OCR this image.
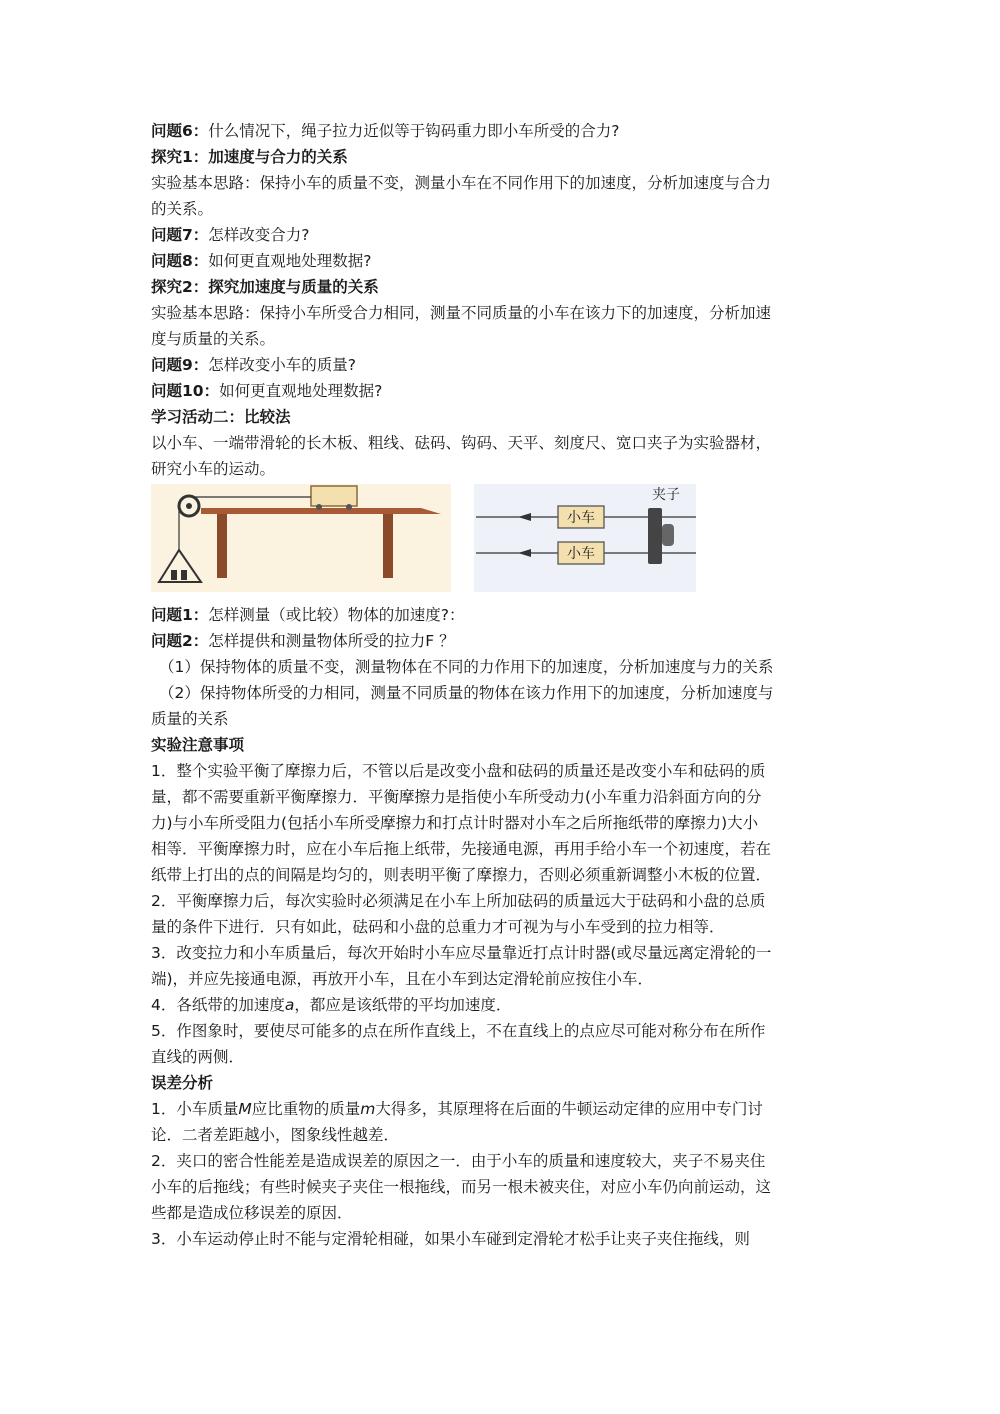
问题6：什么情况下，绳子拉力近似等于钩码重力即小车所受的合力?
探究1：加速度与合力的关系
实验基本思路：保持小车的质量不变，测量小车在不同作用下的加速度，分析加速度与合力
的关系。
问题7：怎样改变合力?
问题8：如何更直观地处理数据?
探究2：探究加速度与质量的关系
实验基本思路：保持小车所受合力相同，测量不同质量的小车在该力下的加速度，分析加速
度与质量的关系。
问题9：怎样改变小车的质量?
问题10：如何更直观地处理数据?
学习活动二：比较法
以小车、一端带滑轮的长木板、粗线、砝码、钩码、天平、刻度尺、宽口夹子为实验器材，
研究小车的运动。
小车
小车
夹子
问题1：怎样测量（或比较）物体的加速度?：
问题2：怎样提供和测量物体所受的拉力F ？
（1）保持物体的质量不变，测量物体在不同的力作用下的加速度，分析加速度与力的关系
（2）保持物体所受的力相同，测量不同质量的物体在该力作用下的加速度，分析加速度与
质量的关系
实验注意事项
1．整个实验平衡了摩擦力后，不管以后是改变小盘和砝码的质量还是改变小车和砝码的质
量，都不需要重新平衡摩擦力．平衡摩擦力是指使小车所受动力(小车重力沿斜面方向的分
力)与小车所受阻力(包括小车所受摩擦力和打点计时器对小车之后所拖纸带的摩擦力)大小
相等．平衡摩擦力时，应在小车后拖上纸带，先接通电源，再用手给小车一个初速度，若在
纸带上打出的点的间隔是均匀的，则表明平衡了摩擦力，否则必须重新调整小木板的位置．
2．平衡摩擦力后，每次实验时必须满足在小车上所加砝码的质量远大于砝码和小盘的总质
量的条件下进行．只有如此，砝码和小盘的总重力才可视为与小车受到的拉力相等．
3．改变拉力和小车质量后，每次开始时小车应尽量靠近打点计时器(或尽量远离定滑轮的一
端)，并应先接通电源，再放开小车，且在小车到达定滑轮前应按住小车．
4．各纸带的加速度a，都应是该纸带的平均加速度．
5．作图象时，要使尽可能多的点在所作直线上，不在直线上的点应尽可能对称分布在所作
直线的两侧．
误差分析
1．小车质量M应比重物的质量m大得多，其原理将在后面的牛顿运动定律的应用中专门讨
论．二者差距越小，图象线性越差．
2．夹口的密合性能差是造成误差的原因之一．由于小车的质量和速度较大，夹子不易夹住
小车的后拖线；有些时候夹子夹住一根拖线，而另一根未被夹住，对应小车仍向前运动，这
些都是造成位移误差的原因．
3．小车运动停止时不能与定滑轮相碰，如果小车碰到定滑轮才松手让夹子夹住拖线，则
